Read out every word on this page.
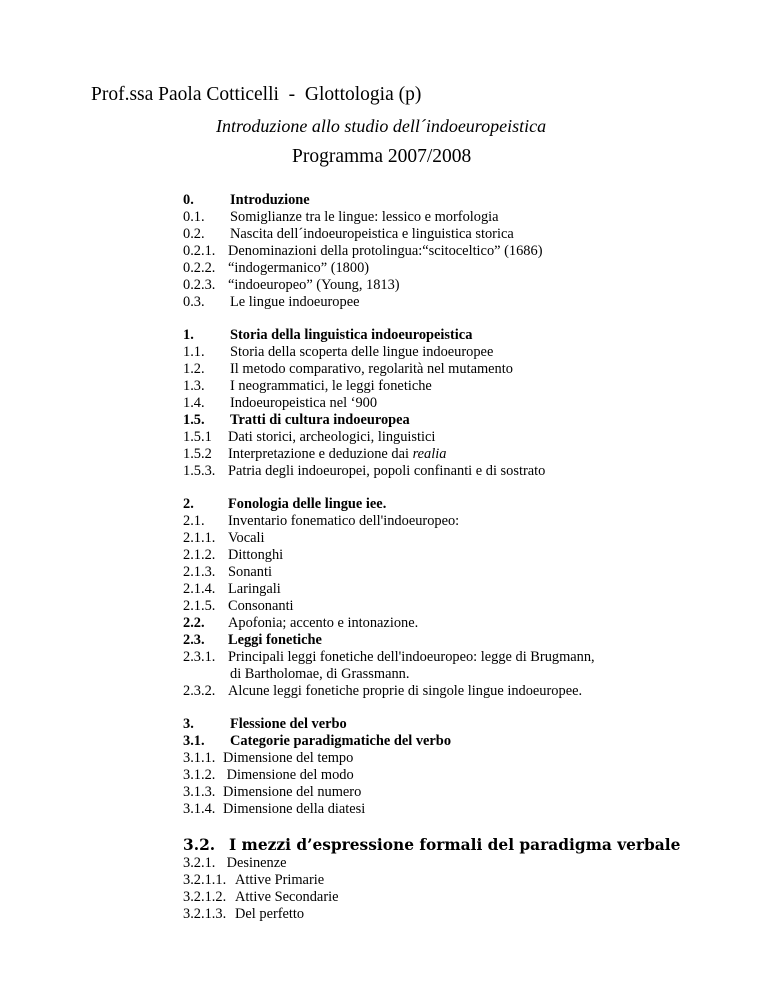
Prof.ssa Paola Cotticelli  -  Glottologia (p)
Introduzione allo studio dell´indoeuropeistica
Programma 2007/2008
0.	Introduzione
0.1.	Somiglianze tra le lingue: lessico e morfologia
0.2.	Nascita dell´indoeuropeistica e linguistica storica
0.2.1. Denominazioni della protolingua:“scitoceltico” (1686)
0.2.2. “indogermanico” (1800)
0.2.3. “indoeuropeo” (Young, 1813)
0.3.	Le lingue indoeuropee
1.	Storia della linguistica indoeuropeistica
1.1.	Storia della scoperta delle lingue indoeuropee
1.2.	Il metodo comparativo, regolarità nel mutamento
1.3.	I neogrammatici, le leggi fonetiche
1.4.	Indoeuropeistica nel ‘900
1.5.	Tratti di cultura indoeuropea
1.5.1	Dati storici, archeologici, linguistici
1.5.2	Interpretazione e deduzione dai realia
1.5.3. Patria degli indoeuropei, popoli confinanti e di sostrato
2.	Fonologia delle lingue iee.
2.1.	Inventario fonematico dell'indoeuropeo:
2.1.1. Vocali
2.1.2. Dittonghi
2.1.3. Sonanti
2.1.4. Laringali
2.1.5. Consonanti
2.2.	Apofonia; accento e intonazione.
2.3.	Leggi fonetiche
2.3.1. Principali leggi fonetiche dell'indoeuropeo: legge di Brugmann,
di Bartholomae, di Grassmann.
2.3.2. Alcune leggi fonetiche proprie di singole lingue indoeuropee.
3.	Flessione del verbo
3.1.	Categorie paradigmatiche del verbo
3.1.1. Dimensione del tempo
3.1.2. Dimensione del modo
3.1.3. Dimensione del numero
3.1.4. Dimensione della diatesi
3.2. I mezzi d’espressione formali del paradigma verbale
3.2.1. Desinenze
3.2.1.1. Attive Primarie
3.2.1.2. Attive Secondarie
3.2.1.3. Del perfetto
